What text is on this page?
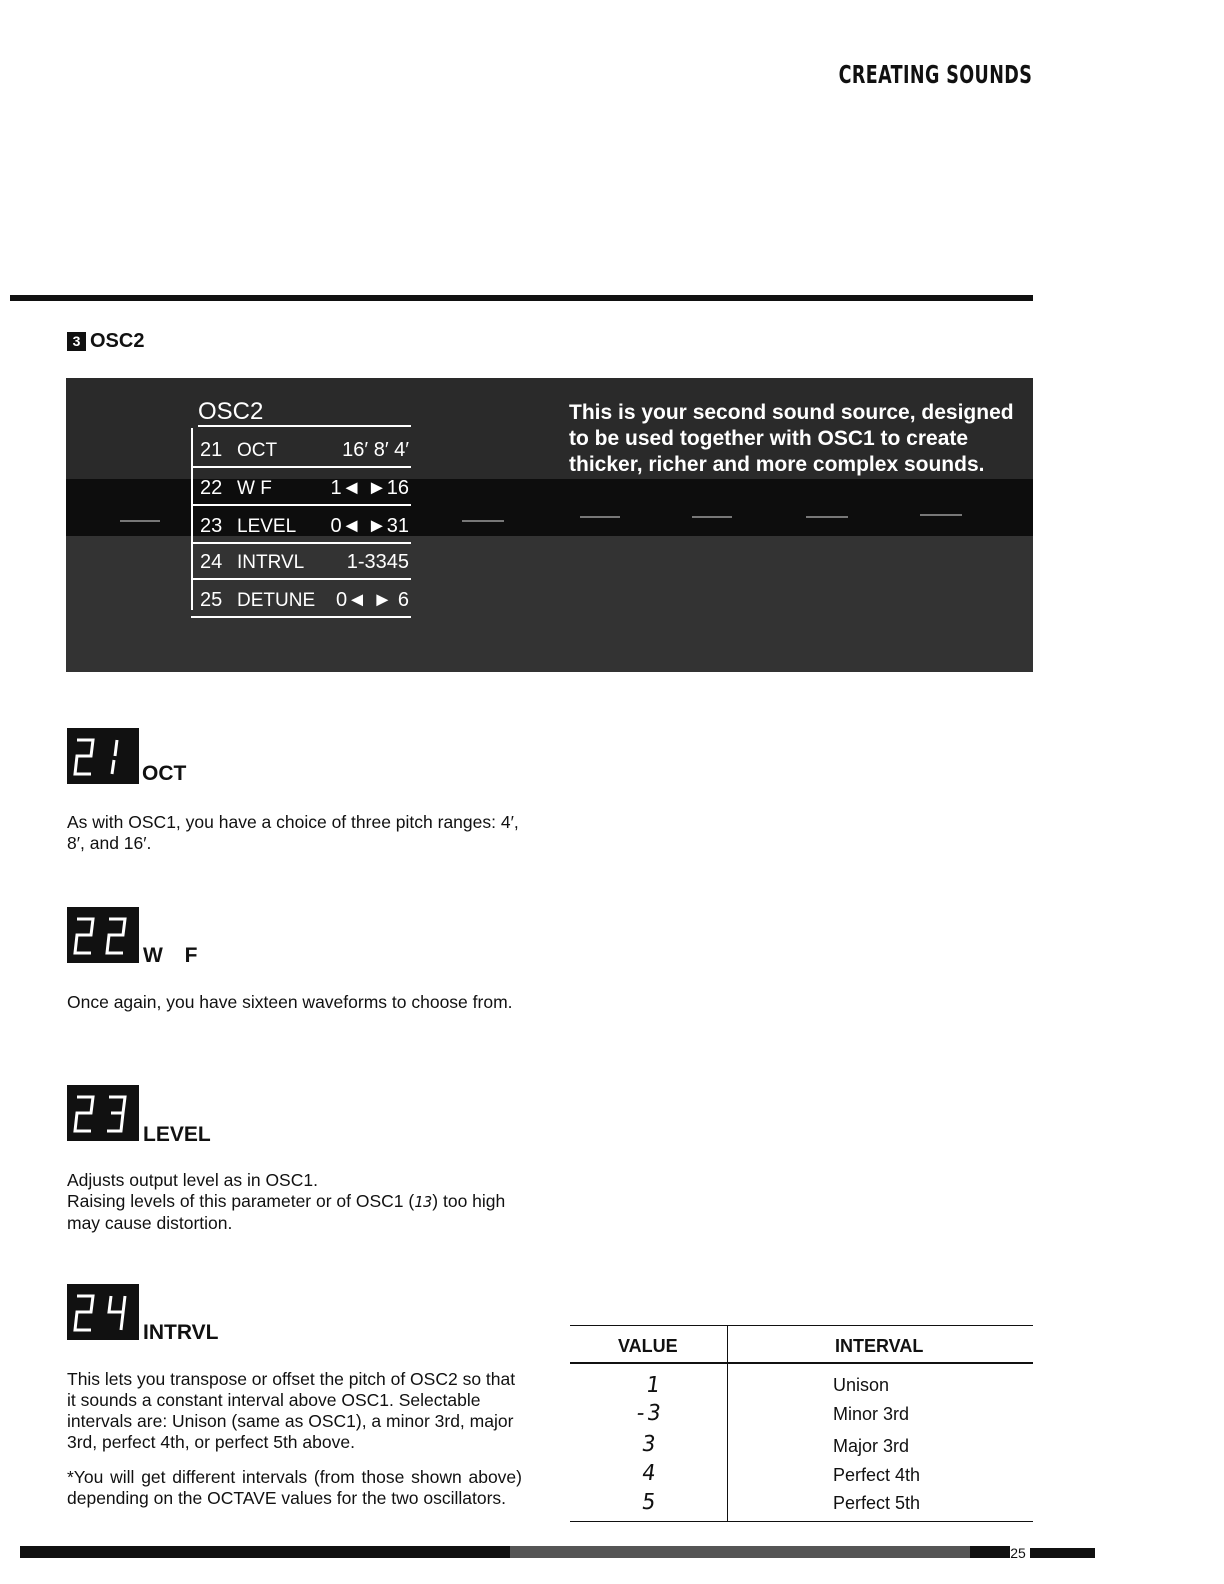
CREATING SOUNDS
3 OSC2
OSC2
21 OCT	16′ 8′ 4′
22 W F	1◄ ►16
23 LEVEL 0◄ ►31
24 INTRVL 1-3345
25 DETUNE 0◄ ► 6
This is your second sound source, designed to be used together with OSC1 to create thicker, richer and more complex sounds.
OCT
As with OSC1, you have a choice of three pitch ranges: 4′, 8′, and 16′.
W F
Once again, you have sixteen waveforms to choose from.
LEVEL
Adjusts output level as in OSC1.
Raising levels of this parameter or of OSC1 (13) too high may cause distortion.
INTRVL
This lets you transpose or offset the pitch of OSC2 so that it sounds a constant interval above OSC1. Selectable intervals are: Unison (same as OSC1), a minor 3rd, major 3rd, perfect 4th, or perfect 5th above.
*You will get different intervals (from those shown above) depending on the OCTAVE values for the two oscillators.
VALUE	INTERVAL
1	Unison
-3	Minor 3rd
3	Major 3rd
4	Perfect 4th
5	Perfect 5th
25
